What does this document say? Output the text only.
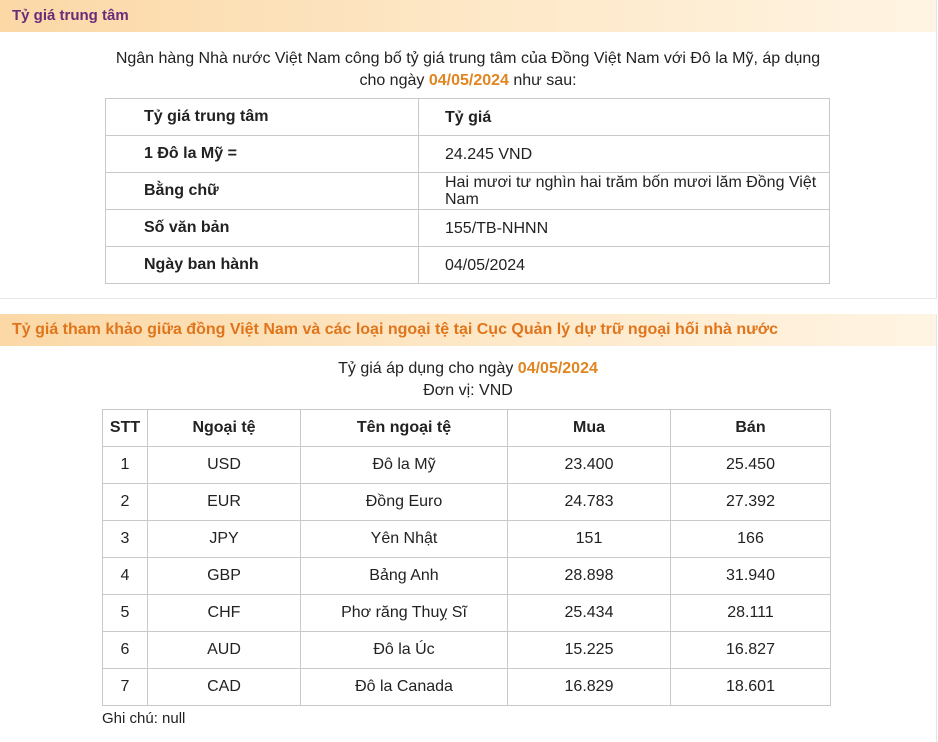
Tỷ giá trung tâm
Ngân hàng Nhà nước Việt Nam công bố tỷ giá trung tâm của Đồng Việt Nam với Đô la Mỹ, áp dụng
cho ngày 04/05/2024 như sau:
Tỷ giá trung tâm	Tỷ giá
1 Đô la Mỹ =	24.245 VND
Bằng chữ	Hai mươi tư nghìn hai trăm bốn mươi lăm Đồng Việt Nam
Số văn bản	155/TB-NHNN
Ngày ban hành	04/05/2024
Tỷ giá tham khảo giữa đồng Việt Nam và các loại ngoại tệ tại Cục Quản lý dự trữ ngoại hối nhà nước
Tỷ giá áp dụng cho ngày 04/05/2024
Đơn vị: VND
STT	Ngoại tệ	Tên ngoại tệ	Mua	Bán
1	USD	Đô la Mỹ	23.400	25.450
2	EUR	Đồng Euro	24.783	27.392
3	JPY	Yên Nhật	151	166
4	GBP	Bảng Anh	28.898	31.940
5	CHF	Phơ răng Thuỵ Sĩ	25.434	28.111
6	AUD	Đô la Úc	15.225	16.827
7	CAD	Đô la Canada	16.829	18.601
Ghi chú: null
